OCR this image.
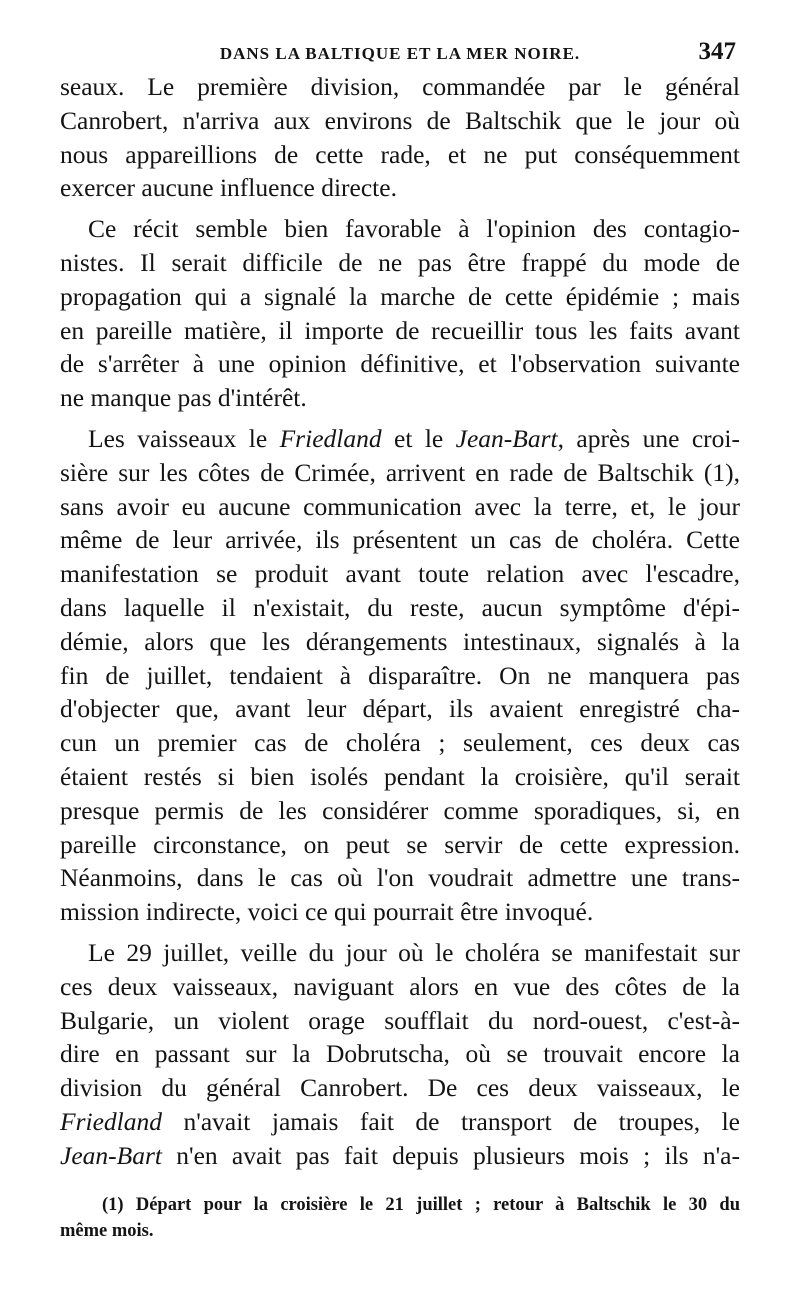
DANS LA BALTIQUE ET LA MER NOIRE.	347

seaux. Le première division, commandée par le général
Canrobert, n'arriva aux environs de Baltschik que le jour où
nous appareillions de cette rade, et ne put conséquemment
exercer aucune influence directe.

Ce récit semble bien favorable à l'opinion des contagio-
nistes. Il serait difficile de ne pas être frappé du mode de
propagation qui a signalé la marche de cette épidémie ; mais
en pareille matière, il importe de recueillir tous les faits avant
de s'arrêter à une opinion définitive, et l'observation suivante
ne manque pas d'intérêt.

Les vaisseaux le Friedland et le Jean-Bart, après une croi-
sière sur les côtes de Crimée, arrivent en rade de Baltschik (1),
sans avoir eu aucune communication avec la terre, et, le jour
même de leur arrivée, ils présentent un cas de choléra. Cette
manifestation se produit avant toute relation avec l'escadre,
dans laquelle il n'existait, du reste, aucun symptôme d'épi-
démie, alors que les dérangements intestinaux, signalés à la
fin de juillet, tendaient à disparaître. On ne manquera pas
d'objecter que, avant leur départ, ils avaient enregistré cha-
cun un premier cas de choléra ; seulement, ces deux cas
étaient restés si bien isolés pendant la croisière, qu'il serait
presque permis de les considérer comme sporadiques, si, en
pareille circonstance, on peut se servir de cette expression.
Néanmoins, dans le cas où l'on voudrait admettre une trans-
mission indirecte, voici ce qui pourrait être invoqué.

Le 29 juillet, veille du jour où le choléra se manifestait sur
ces deux vaisseaux, naviguant alors en vue des côtes de la
Bulgarie, un violent orage soufflait du nord-ouest, c'est-à-
dire en passant sur la Dobrutscha, où se trouvait encore la
division du général Canrobert. De ces deux vaisseaux, le
Friedland n'avait jamais fait de transport de troupes, le
Jean-Bart n'en avait pas fait depuis plusieurs mois ; ils n'a-

(1) Départ pour la croisière le 21 juillet ; retour à Baltschik le 30 du
même mois.
